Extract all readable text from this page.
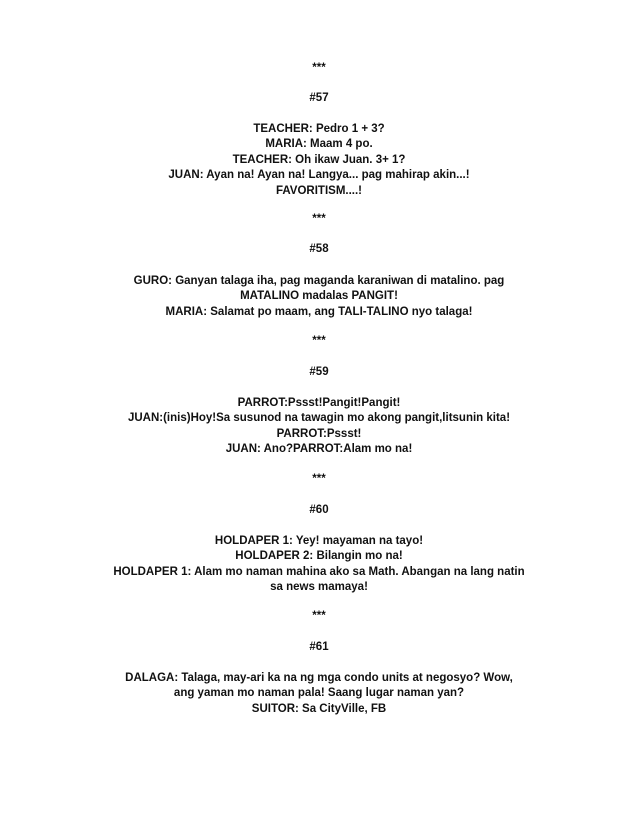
***
#57
TEACHER: Pedro 1 + 3?
MARIA: Maam 4 po.
TEACHER: Oh ikaw Juan. 3+ 1?
JUAN: Ayan na! Ayan na! Langya... pag mahirap akin...!
FAVORITISM....!
***
#58
GURO: Ganyan talaga iha, pag maganda karaniwan di matalino. pag
MATALINO madalas PANGIT!
MARIA: Salamat po maam, ang TALI-TALINO nyo talaga!
***
#59
PARROT:Pssst!Pangit!Pangit!
JUAN:(inis)Hoy!Sa susunod na tawagin mo akong pangit,litsunin kita!
PARROT:Pssst!
JUAN: Ano?PARROT:Alam mo na!
***
#60
HOLDAPER 1: Yey! mayaman na tayo!
HOLDAPER 2: Bilangin mo na!
HOLDAPER 1: Alam mo naman mahina ako sa Math. Abangan na lang natin
sa news mamaya!
***
#61
DALAGA: Talaga, may-ari ka na ng mga condo units at negosyo? Wow,
ang yaman mo naman pala! Saang lugar naman yan?
SUITOR: Sa CityVille, FB
